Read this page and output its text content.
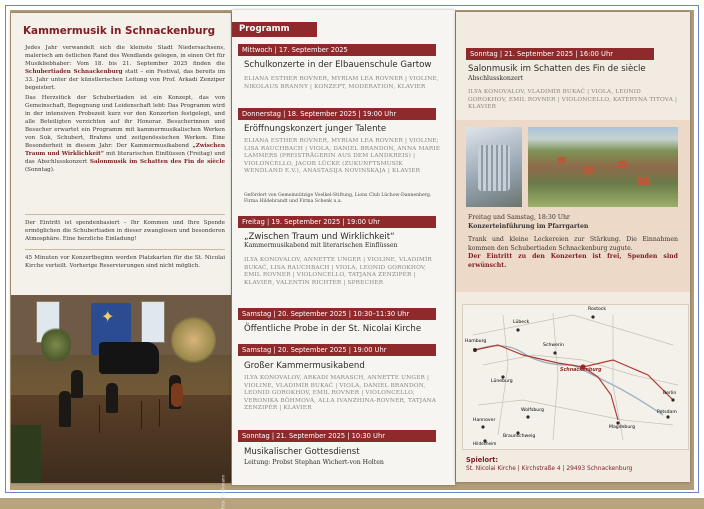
Kammermusik in Schnackenburg
Jedes Jahr verwandelt sich die kleinste Stadt Niedersachsens, malerisch am östlichen Rand des Wendlands gelegen, in einen Ort für Musikliebhaber: Vom 18. bis 21. September 2025 finden die Schubertiaden Schnackenburg statt – ein Festival, das bereits im 33. Jahr unter der künstlerischen Leitung von Prof. Arkadi Zenziper begeistert.
Das Herzstück der Schubertiaden ist ein Konzept, das von Gemeinschaft, Begegnung und Leidenschaft lebt: Das Programm wird in der intensiven Probezeit kurz vor den Konzerten festgelegt, und alle Beteiligten verzichten auf ihr Honorar. Besucherinnen und Besucher erwartet ein Programm mit kammermusikalischen Werken von Suk, Schubert, Brahms und zeitgenössischen Werken. Eine Besonderheit in diesem Jahr: Der Kammermusikabend „Zwischen Traum und Wirklichkeit“ mit literarischen Einflüssen (Freitag) und das Abschlusskonzert Salonmusik im Schatten des Fin de siècle (Sonntag).
Der Eintritt ist spendenbasiert – Ihr Kommen und Ihre Spende ermöglichen die Schubertiaden in dieser zwanglosen und besonderen Atmosphäre. Eine herzliche Einladung!
45 Minuten vor Konzertbeginn werden Platzkarten für die St. Nicolai Kirche verteilt. Vorherige Reservierungen sind nicht möglich.
✦
Foto: Brenkmann
Programm
Mittwoch | 17. September 2025
Schulkonzerte in der Elbauenschule Gartow
ELIANA ESTHER ROVNER, MYRIAM LEA ROVNER | VIOLINE, NIKOLAUS BRANNY | KONZEPT, MODERATION, KLAVIER
Donnerstag | 18. September 2025 | 19:00 Uhr
Eröffnungskonzert junger Talente
ELIANA ESTHER ROVNER, MYRIAM LEA ROVNER | VIOLINE; LISA RAUCHBACH | VIOLA, DANIEL BRANDON, ANNA MARIE LAMMERS (PREISTRÄGERIN AUS DEM LANDKREIS) | VIOLONCELLO, JACOB LÜCKE (ZUKUNFTSMUSIK WENDLAND E.V.), ANASTASIJA NOVINSKAJA | KLAVIER
Gefördert von Gemeinnützige Voelkel-Stiftung, Lions Club Lüchow-Dannenberg, Firma Hildebrandt und Firma Schenk u.a.
Freitag | 19. September 2025 | 19:00 Uhr
„Zwischen Traum und Wirklichkeit“
Kammermusikabend mit literarischen Einflüssen
ILYA KONOVALOV, ANNETTE UNGER | VIOLINE, VLADIMÍR BUKAČ, LISA RAUCHBACH | VIOLA, LEONID GOROKHOV, EMIL ROVNER | VIOLONCELLO, TATJANA ZENZIPÉR | KLAVIER, VALENTIN RICHTER | SPRECHER
Samstag | 20. September 2025 | 10:30–11:30 Uhr
Öffentliche Probe in der St. Nicolai Kirche
Samstag | 20. September 2025 | 19:00 Uhr
Großer Kammermusikabend
ILYA KONOVALOV, ARKADI MARASCH, ANNETTE UNGER | VIOLINE, VLADIMÍR BUKAČ | VIOLA, DANIEL BRANDON, LEONID GOROKHOV, EMIL ROVNER | VIOLONCELLO, VERONIKA BÖHMOVÁ, ALLA IVANZHINA-ROVNER, TATJANA ZENZIPÉR | KLAVIER
Sonntag | 21. September 2025 | 10:30 Uhr
Musikalischer Gottesdienst
Leitung: Probst Stephan Wichert-von Holten
Sonntag | 21. September 2025 | 16:00 Uhr
Salonmusik im Schatten des Fin de siècle
Abschlusskonzert
ILYA KONOVALOV, VLADIMÍR BUKAČ | VIOLA, LEONID GOROKHOV, EMIL ROVNER | VIOLONCELLO, KATERYNA TITOVA | KLAVIER
Freitag und Samstag, 18:30 Uhr
Konzerteinführung im Pfarrgarten
Trank und kleine Leckereien zur Stärkung. Die Einnahmen kommen den Schubertiaden Schnackenburg zugute.
Der Eintritt zu den Konzerten ist frei, Spenden sind erwünscht.
Hamburg
Lübeck
Rostock
Schwerin
Lüneburg
Schnackenburg
Hannover
Wolfsburg
Braunschweig
Magdeburg
Berlin
Potsdam
Hildesheim
Spielort:
St. Nicolai Kirche | Kirchstraße 4 | 29493 Schnackenburg
